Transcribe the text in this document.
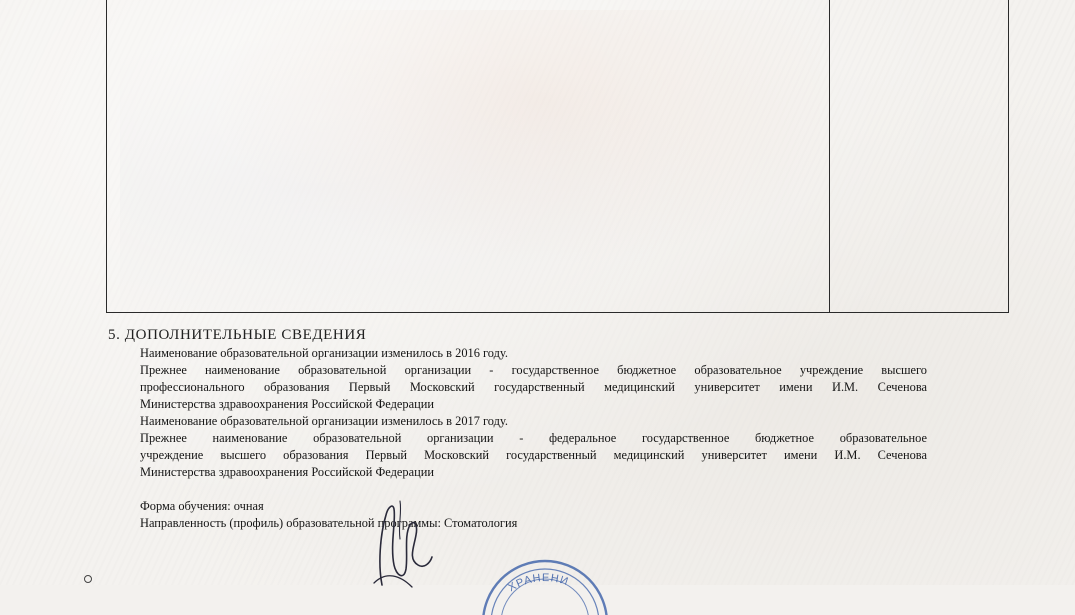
5. ДОПОЛНИТЕЛЬНЫЕ СВЕДЕНИЯ
Наименование образовательной организации изменилось в 2016 году.
Прежнее наименование образовательной организации - государственное бюджетное образовательное учреждение высшего
профессионального образования Первый Московский государственный медицинский университет имени И.М. Сеченова
Министерства здравоохранения Российской Федерации
Наименование образовательной организации изменилось в 2017 году.
Прежнее наименование образовательной организации - федеральное государственное бюджетное образовательное
учреждение высшего образования Первый Московский государственный медицинский университет имени И.М. Сеченова
Министерства здравоохранения Российской Федерации
Форма обучения: очная
Направленность (профиль) образовательной программы: Стоматология
ХРАНЕНИ
